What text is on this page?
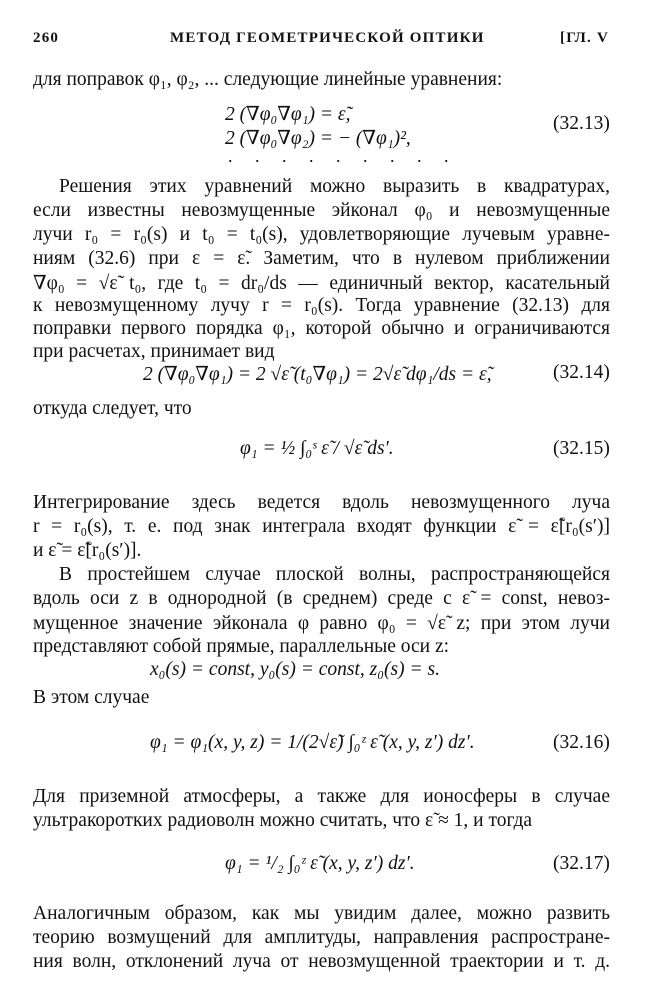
260	МЕТОД ГЕОМЕТРИЧЕСКОЙ ОПТИКИ	[ГЛ. V
для поправок φ₁, φ₂, ... следующие линейные уравнения:
2 (∇φ₀∇φ₁) = ε̃,
2 (∇φ₀∇φ₂) = − (∇φ₁)²,
. . . . . . . . .
(32.13)
Решения этих уравнений можно выразить в квадратурах,
если известны невозмущенные эйконал φ₀ и невозмущенные
лучи r₀ = r₀(s) и t₀ = t₀(s), удовлетворяющие лучевым уравне-
ниям (32.6) при ε = ε̃. Заметим, что в нулевом приближении
∇φ₀ = √ε̃ t₀, где t₀ = dr₀/ds — единичный вектор, касательный
к невозмущенному лучу r = r₀(s). Тогда уравнение (32.13) для
поправки первого порядка φ₁, которой обычно и ограничиваются
при расчетах, принимает вид
2 (∇φ₀∇φ₁) = 2 √ε̃ (t₀∇φ₁) = 2√ε̃ dφ₁/ds = ε̃,	(32.14)
откуда следует, что
φ₁ = ½ ∫₀ˢ ε̃ / √ε̃ ds′.	(32.15)
Интегрирование здесь ведется вдоль невозмущенного луча
r = r₀(s), т. е. под знак интеграла входят функции ε̃ = ε̃[r₀(s′)]
и ε̃ = ε̃[r₀(s′)].
В простейшем случае плоской волны, распространяющейся
вдоль оси z в однородной (в среднем) среде с ε̃ = const, невоз-
мущенное значение эйконала φ равно φ₀ = √ε̃ z; при этом лучи
представляют собой прямые, параллельные оси z:
x₀(s) = const, y₀(s) = const, z₀(s) = s.
В этом случае
φ₁ = φ₁(x, y, z) = 1/(2√ε̃) ∫₀ᶻ ε̃ (x, y, z′) dz′.	(32.16)
Для приземной атмосферы, а также для ионосферы в случае
ультракоротких радиоволн можно считать, что ε̃ ≈ 1, и тогда
φ₁ = ¹/₂ ∫₀ᶻ ε̃ (x, y, z′) dz′.	(32.17)
Аналогичным образом, как мы увидим далее, можно развить
теорию возмущений для амплитуды, направления распростране-
ния волн, отклонений луча от невозмущенной траектории и т. д.
